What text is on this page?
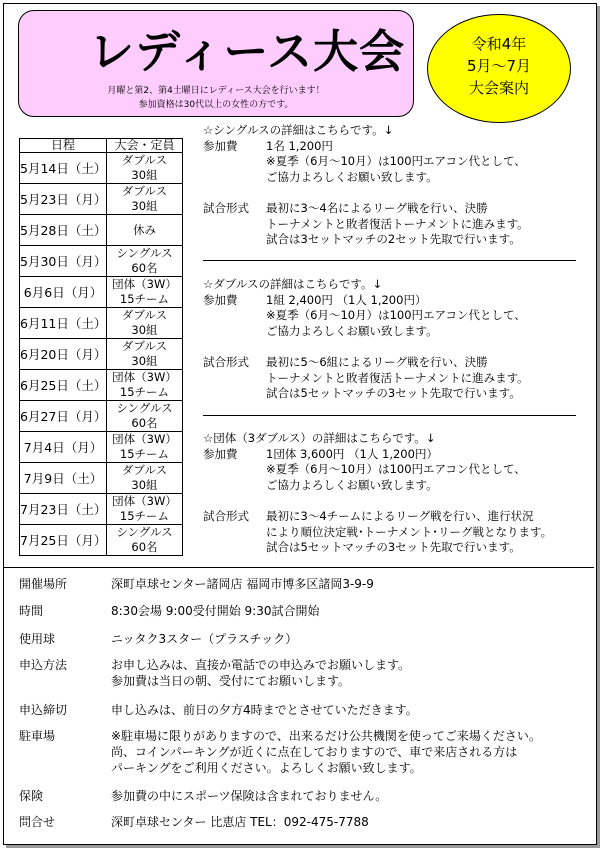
レディース大会
月曜と第2、第4土曜日にレディース大会を行います！
参加資格は30代以上の女性の方です。
令和4年
5月～7月
大会案内
日程	大会・定員
5月14日（土）	ダブルス
30組

5月23日（月）	ダブルス
30組

5月28日（土）	休み

5月30日（月）	シングルス
60名

6月6日（月）	団体（3W）
15チーム

6月11日（土）	ダブルス
30組

6月20日（月）	ダブルス
30組

6月25日（土）	団体（3W）
15チーム

6月27日（月）	シングルス
60名

7月4日（月）	団体（3W）
15チーム

7月9日（土）	ダブルス
30組

7月23日（土）	団体（3W）
15チーム

7月25日（月）	シングルス
60名
☆シングルスの詳細はこちらです。↓
参加費 1名 1,200円
※夏季（6月～10月）は100円エアコン代として、
ご協力よろしくお願い致します。
試合形式 最初に3～4名によるリーグ戦を行い、決勝
トーナメントと敗者復活トーナメントに進みます。
試合は3セットマッチの2セット先取で行います。
☆ダブルスの詳細はこちらです。↓
参加費 1組 2,400円 （1人 1,200円）
※夏季（6月～10月）は100円エアコン代として、
ご協力よろしくお願い致します。
試合形式 最初に5～6組によるリーグ戦を行い、決勝
トーナメントと敗者復活トーナメントに進みます。
試合は5セットマッチの3セット先取で行います。
☆団体（3ダブルス）の詳細はこちらです。↓
参加費 1団体 3,600円 （1人 1,200円）
※夏季（6月～10月）は100円エアコン代として、
ご協力よろしくお願い致します。
試合形式 最初に3～4チームによるリーグ戦を行い、進行状況
により順位決定戦･トーナメント･リーグ戦となります。
試合は5セットマッチの3セット先取で行います。
開催場所	深町卓球センター諸岡店 福岡市博多区諸岡3-9-9
時間	8:30会場 9:00受付開始 9:30試合開始
使用球	ニッタク3スター（プラスチック）
申込方法	お申し込みは、直接か電話での申込みでお願いします。
参加費は当日の朝、受付にてお願いします。
申込締切	申し込みは、前日の夕方4時までとさせていただきます。
駐車場	※駐車場に限りがありますので、出来るだけ公共機関を使ってご来場ください。
尚、コインパーキングが近くに点在しておりますので、車で来店される方は
パーキングをご利用ください。よろしくお願い致します。
保険	参加費の中にスポーツ保険は含まれておりません。
問合せ	深町卓球センター 比恵店 TEL：092-475-7788
